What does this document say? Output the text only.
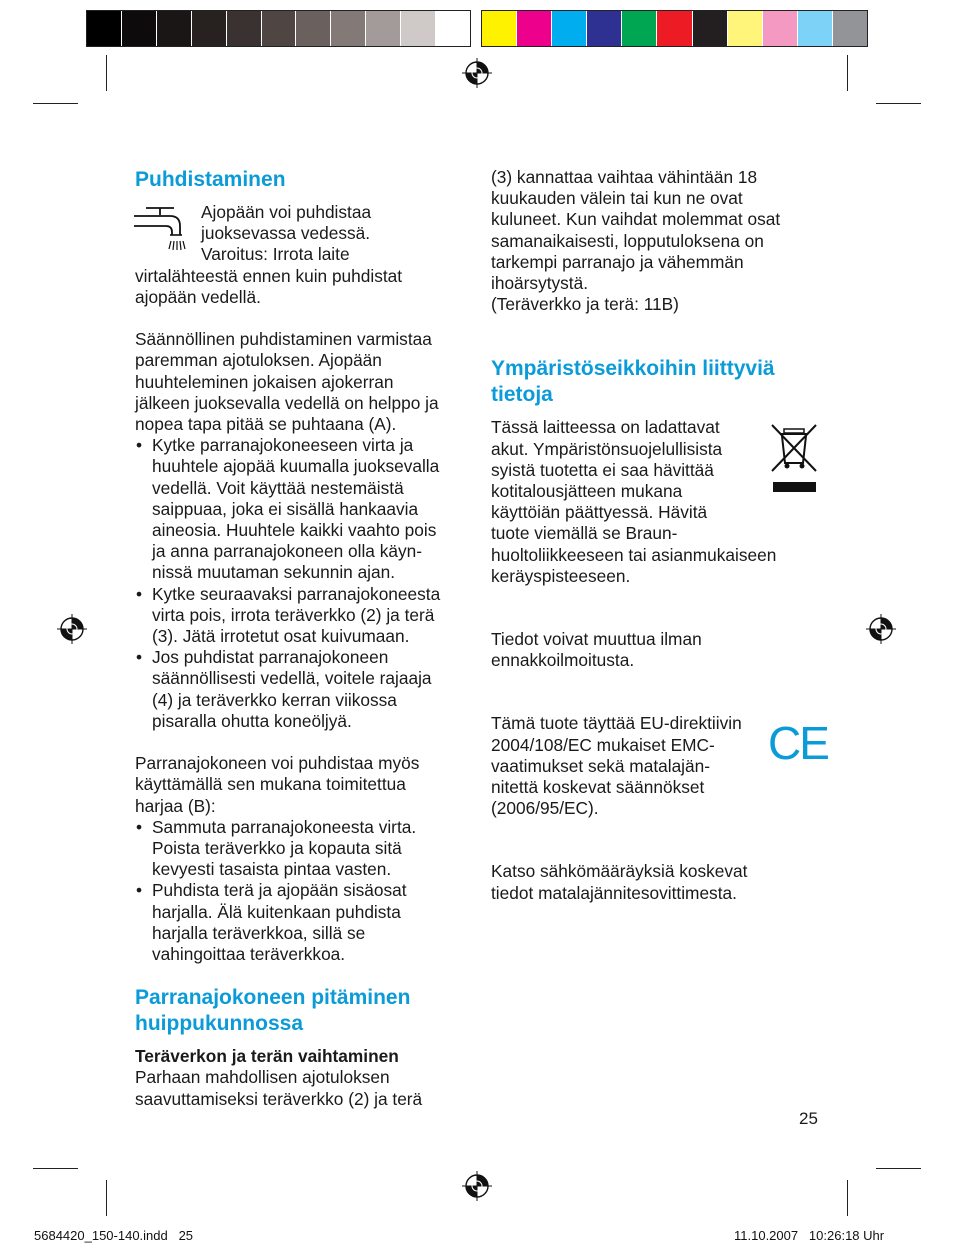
Puhdistaminen

Ajopään voi puhdistaa
juoksevassa vedessä.
Varoitus: Irrota laite

virtalähteestä ennen kuin puhdistat
ajopään vedellä.

Säännöllinen puhdistaminen varmistaa
paremman ajotuloksen. Ajopään
huuhteleminen jokaisen ajokerran
jälkeen juoksevalla vedellä on helppo ja
nopea tapa pitää se puhtaana (A).

• Kytke parranajokoneeseen virta ja
huuhtele ajopää kuumalla juoksevalla
vedellä. Voit käyttää nestemäistä
saippuaa, joka ei sisällä hankaavia
aineosia. Huuhtele kaikki vaahto pois
ja anna parranajokoneen olla käyn-
nissä muutaman sekunnin ajan.
• Kytke seuraavaksi parranajokoneesta
virta pois, irrota teräverkko (2) ja terä
(3). Jätä irrotetut osat kuivumaan.
• Jos puhdistat parranajokoneen
säännöllisesti vedellä, voitele rajaaja
(4) ja teräverkko kerran viikossa
pisaralla ohutta koneöljyä.

Parranajokoneen voi puhdistaa myös
käyttämällä sen mukana toimitettua
harjaa (B):

• Sammuta parranajokoneesta virta.
Poista teräverkko ja kopauta sitä
kevyesti tasaista pintaa vasten.
• Puhdista terä ja ajopään sisäosat
harjalla. Älä kuitenkaan puhdista
harjalla teräverkkoa, sillä se
vahingoittaa teräverkkoa.
Parranajokoneen pitäminen
huippukunnossa

Teräverkon ja terän vaihtaminen

Parhaan mahdollisen ajotuloksen
saavuttamiseksi teräverkko (2) ja terä

(3) kannattaa vaihtaa vähintään 18
kuukauden välein tai kun ne ovat
kuluneet. Kun vaihdat molemmat osat
samanaikaisesti, lopputuloksena on
tarkempi parranajo ja vähemmän
ihoärsytystä.
(Teräverkko ja terä: 11B)

Ympäristöseikkoihin liittyviä
tietoja

Tässä laitteessa on ladattavat
akut. Ympäristönsuojelullisista
syistä tuotetta ei saa hävittää
kotitalousjätteen mukana
käyttöiän päättyessä. Hävitä
tuote viemällä se Braun-
huoltoliikkeeseen tai asianmukaiseen
keräyspisteeseen.

Tiedot voivat muuttua ilman
ennakkoilmoitusta.

Tämä tuote täyttää EU-direktiivin
2004/108/EC mukaiset EMC-
vaatimukset sekä matalajän-
nitettä koskevat säännökset
(2006/95/EC).

Katso sähkömääräyksiä koskevat
tiedot matalajännitesovittimesta.

CE
25
5684420_150-140.indd   25	11.10.2007   10:26:18 Uhr
